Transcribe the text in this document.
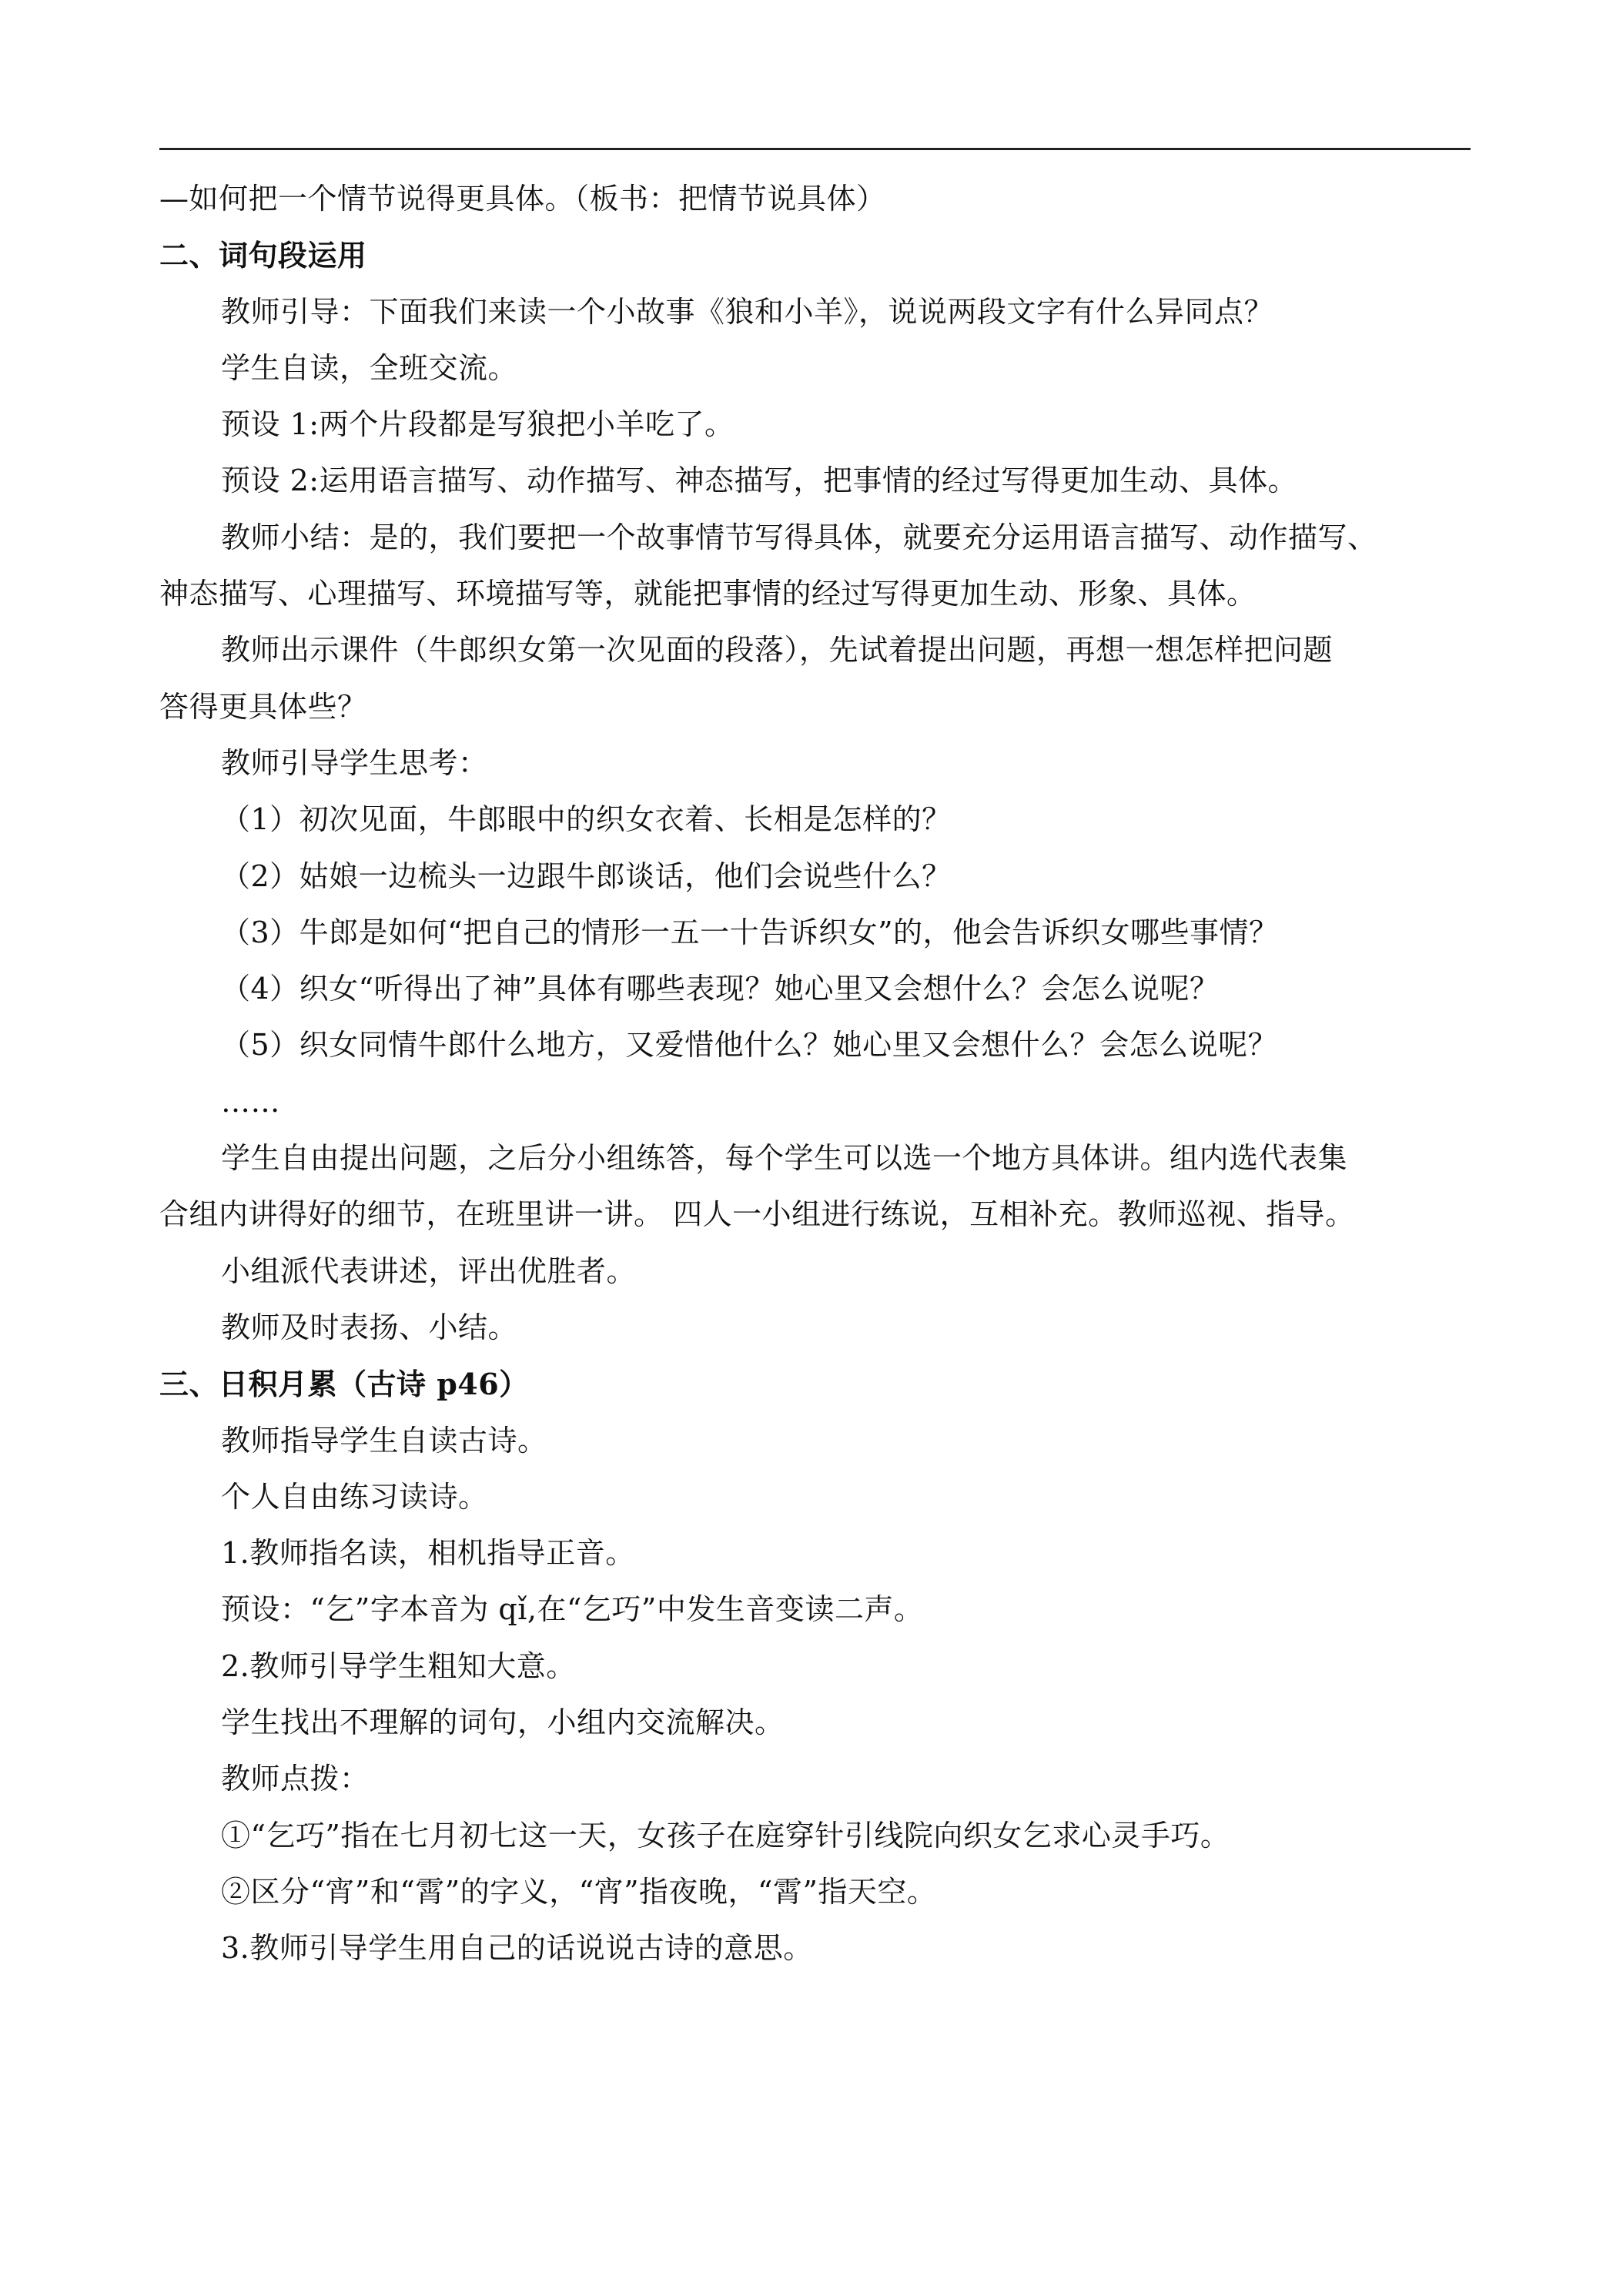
—如何把一个情节说得更具体。（板书：把情节说具体）
二、词句段运用
教师引导：下面我们来读一个小故事《狼和小羊》，说说两段文字有什么异同点？
学生自读，全班交流。
预设 1:两个片段都是写狼把小羊吃了。
预设 2:运用语言描写、动作描写、神态描写，把事情的经过写得更加生动、具体。
教师小结：是的，我们要把一个故事情节写得具体，就要充分运用语言描写、动作描写、
神态描写、心理描写、环境描写等，就能把事情的经过写得更加生动、形象、具体。
教师出示课件（牛郎织女第一次见面的段落），先试着提出问题，再想一想怎样把问题
答得更具体些？
教师引导学生思考：
（1）初次见面，牛郎眼中的织女衣着、长相是怎样的？
（2）姑娘一边梳头一边跟牛郎谈话，他们会说些什么？
（3）牛郎是如何“把自己的情形一五一十告诉织女”的，他会告诉织女哪些事情？
（4）织女“听得出了神”具体有哪些表现？她心里又会想什么？会怎么说呢？
（5）织女同情牛郎什么地方，又爱惜他什么？她心里又会想什么？会怎么说呢？
……
学生自由提出问题，之后分小组练答，每个学生可以选一个地方具体讲。组内选代表集
合组内讲得好的细节，在班里讲一讲。 四人一小组进行练说，互相补充。教师巡视、指导。
小组派代表讲述，评出优胜者。
教师及时表扬、小结。
三、日积月累（古诗 p46）
教师指导学生自读古诗。
个人自由练习读诗。
1.教师指名读，相机指导正音。
预设：“乞”字本音为 qǐ,在“乞巧”中发生音变读二声。
2.教师引导学生粗知大意。
学生找出不理解的词句，小组内交流解决。
教师点拨：
①“乞巧”指在七月初七这一天，女孩子在庭穿针引线院向织女乞求心灵手巧。
②区分“宵”和“霄”的字义，“宵”指夜晚，“霄”指天空。
3.教师引导学生用自己的话说说古诗的意思。
